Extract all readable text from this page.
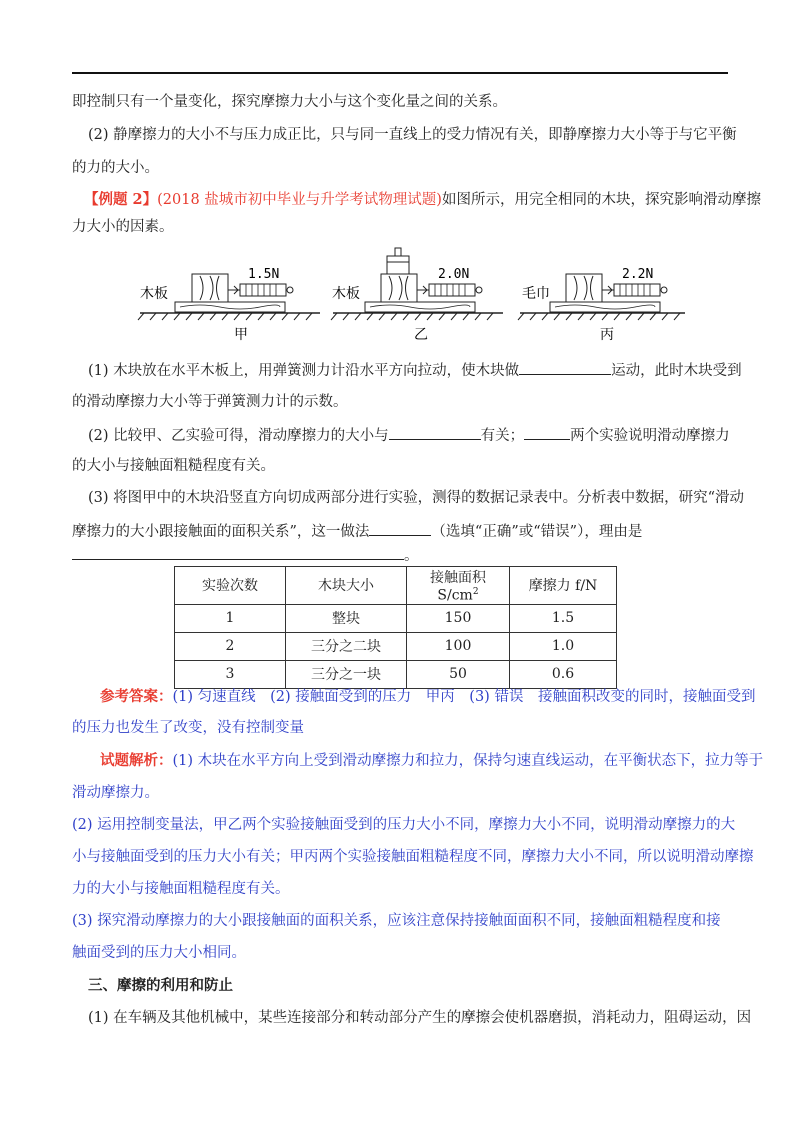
即控制只有一个量变化，探究摩擦力大小与这个变化量之间的关系。
(2) 静摩擦力的大小不与压力成正比，只与同一直线上的受力情况有关，即静摩擦力大小等于与它平衡
的力的大小。
【例题 2】(2018 盐城市初中毕业与升学考试物理试题)如图所示，用完全相同的木块，探究影响滑动摩擦
力大小的因素。
木板
1.5N
甲
木板
2.0N
乙
毛巾
2.2N
丙
(1) 木块放在水平木板上，用弹簧测力计沿水平方向拉动，使木块做	运动，此时木块受到
的滑动摩擦力大小等于弹簧测力计的示数。
(2) 比较甲、乙实验可得，滑动摩擦力的大小与	有关；	两个实验说明滑动摩擦力
的大小与接触面粗糙程度有关。
(3) 将图甲中的木块沿竖直方向切成两部分进行实验，测得的数据记录表中。分析表中数据，研究“滑动
摩擦力的大小跟接触面的面积关系”，这一做法	（选填“正确”或“错误”），理由是
。
实验次数	木块大小	接触面积 $S/cm^2$	摩擦力 f/N
1	整块	150	1.5
2	三分之二块	100	1.0
3	三分之一块	50	0.6
参考答案：(1) 匀速直线　(2) 接触面受到的压力　甲丙　(3) 错误　接触面积改变的同时，接触面受到
的压力也发生了改变，没有控制变量
试题解析：(1) 木块在水平方向上受到滑动摩擦力和拉力，保持匀速直线运动，在平衡状态下，拉力等于
滑动摩擦力。
(2) 运用控制变量法，甲乙两个实验接触面受到的压力大小不同，摩擦力大小不同，说明滑动摩擦力的大
小与接触面受到的压力大小有关；甲丙两个实验接触面粗糙程度不同，摩擦力大小不同，所以说明滑动摩擦
力的大小与接触面粗糙程度有关。
(3) 探究滑动摩擦力的大小跟接触面的面积关系，应该注意保持接触面面积不同，接触面粗糙程度和接
触面受到的压力大小相同。
三、摩擦的利用和防止
(1) 在车辆及其他机械中，某些连接部分和转动部分产生的摩擦会使机器磨损，消耗动力，阻碍运动，因
